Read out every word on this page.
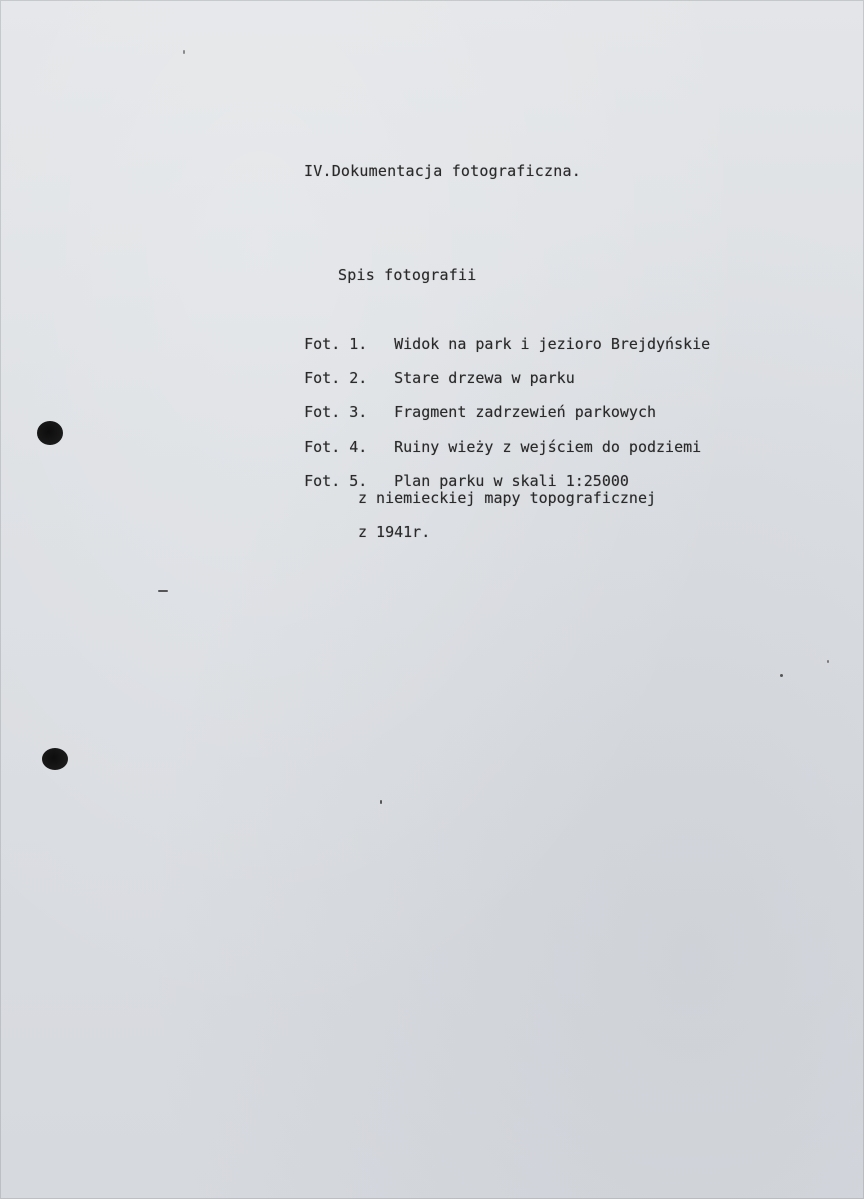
IV.Dokumentacja fotograficzna.
Spis fotografii

Fot. 1. Widok na park i jezioro Brejdyńskie

Fot. 2. Stare drzewa w parku

Fot. 3. Fragment zadrzewień parkowych

Fot. 4. Ruiny wieży z wejściem do podziemi

Fot. 5. Plan parku w skali 1:25000

z niemieckiej mapy topograficznej
z 1941r.
